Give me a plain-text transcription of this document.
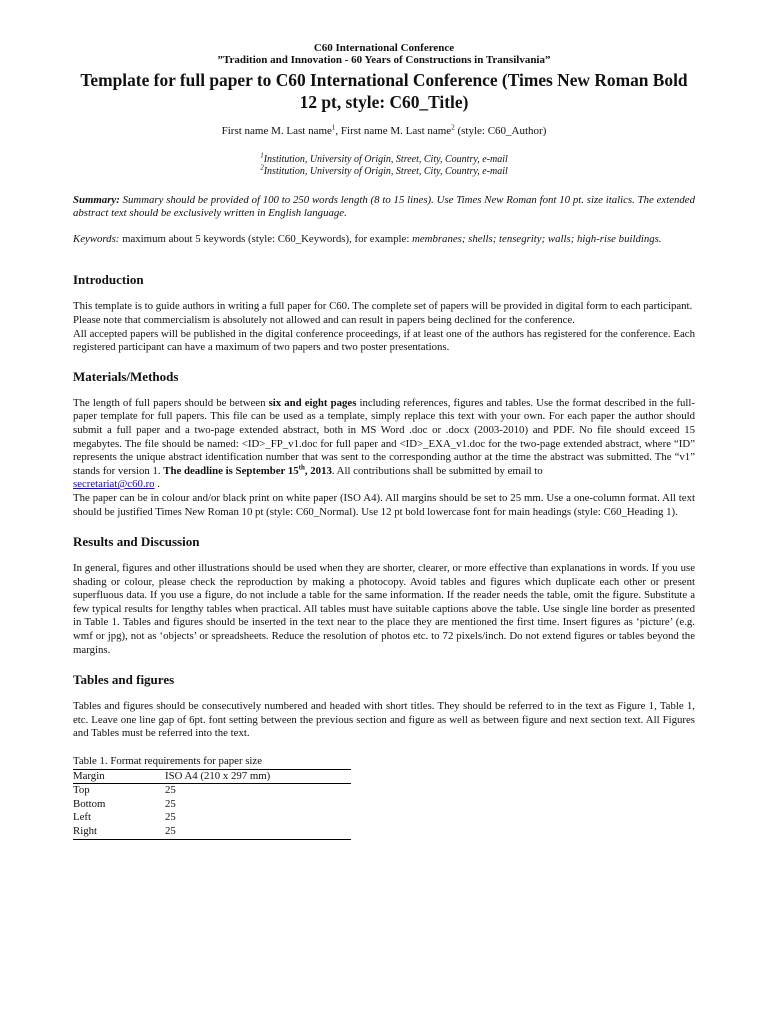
C60 International Conference
”Tradition and Innovation - 60 Years of Constructions in Transilvania”
Template for full paper to C60 International Conference (Times New Roman Bold 12 pt, style: C60_Title)
First name M. Last name$^1$, First name M. Last name$^2$ (style: C60_Author)
$^1$Institution, University of Origin, Street, City, Country, e-mail
$^2$Institution, University of Origin, Street, City, Country, e-mail

Summary: Summary should be provided of 100 to 250 words length (8 to 15 lines). Use Times New Roman font 10 pt. size italics. The extended abstract text should be exclusively written in English language.

Keywords: maximum about 5 keywords (style: C60_Keywords), for example: membranes; shells; tensegrity; walls; high-rise buildings.

Introduction

This template is to guide authors in writing a full paper for C60. The complete set of papers will be provided in digital form to each participant.

Please note that commercialism is absolutely not allowed and can result in papers being declined for the conference.

All accepted papers will be published in the digital conference proceedings, if at least one of the authors has registered for the conference. Each registered participant can have a maximum of two papers and two poster presentations.

Materials/Methods

The length of full papers should be between six and eight pages including references, figures and tables. Use the format described in the full-paper template for full papers. This file can be used as a template, simply replace this text with your own. For each paper the author should submit a full paper and a two-page extended abstract, both in MS Word .doc or .docx (2003-2010) and PDF. No file should exceed 15 megabytes. The file should be named: <ID>_FP_v1.doc for full paper and <ID>_EXA_v1.doc for the two-page extended abstract, where “ID” represents the unique abstract identification number that was sent to the corresponding author at the time the abstract was submitted. The “v1” stands for version 1. The deadline is September 15th, 2013. All contributions shall be submitted by email to
secretariat@c60.ro .

The paper can be in colour and/or black print on white paper (ISO A4). All margins should be set to 25 mm. Use a one-column format. All text should be justified Times New Roman 10 pt (style: C60_Normal). Use 12 pt bold lowercase font for main headings (style: C60_Heading 1).

Results and Discussion

In general, figures and other illustrations should be used when they are shorter, clearer, or more effective than explanations in words. If you use shading or colour, please check the reproduction by making a photocopy. Avoid tables and figures which duplicate each other or present superfluous data. If you use a figure, do not include a table for the same information. If the reader needs the table, omit the figure. Substitute a few typical results for lengthy tables when practical. All tables must have suitable captions above the table. Use single line border as presented in Table 1. Tables and figures should be inserted in the text near to the place they are mentioned the first time. Insert figures as ‘picture’ (e.g. wmf or jpg), not as ‘objects’ or spreadsheets. Reduce the resolution of photos etc. to 72 pixels/inch. Do not extend figures or tables beyond the margins.

Tables and figures

Tables and figures should be consecutively numbered and headed with short titles. They should be referred to in the text as Figure 1, Table 1, etc. Leave one line gap of 6pt. font setting between the previous section and figure as well as between figure and next section text. All Figures and Tables must be referred into the text.

Table 1. Format requirements for paper size
Margin	ISO A4 (210 x 297 mm)
Top	25
Bottom	25
Left	25
Right	25
